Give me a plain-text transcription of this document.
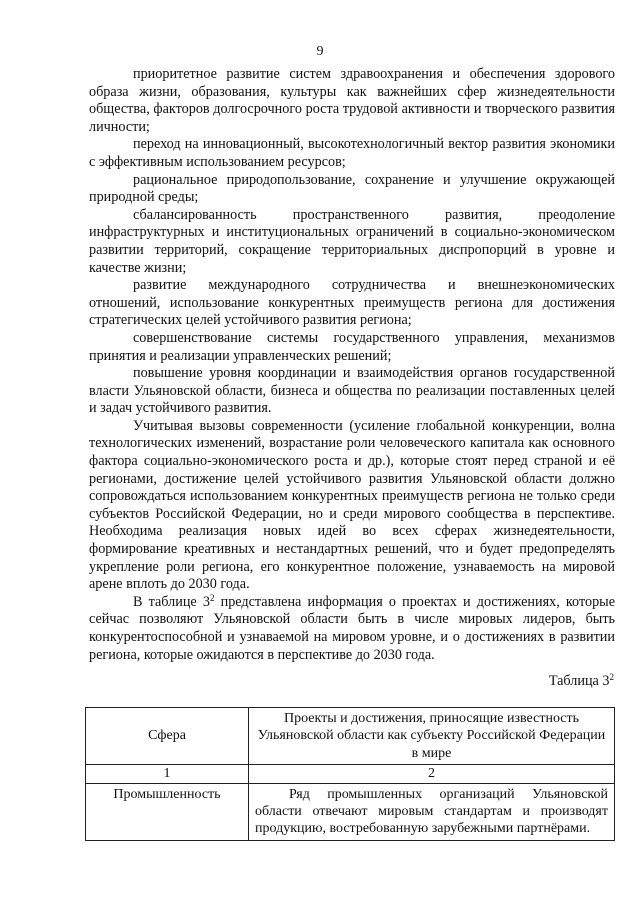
9

приоритетное развитие систем здравоохранения и обеспечения здорового образа жизни, образования, культуры как важнейших сфер жизнедеятельности общества, факторов долгосрочного роста трудовой активности и творческого развития личности;

переход на инновационный, высокотехнологичный вектор развития экономики с эффективным использованием ресурсов;

рациональное природопользование, сохранение и улучшение окружающей природной среды;

сбалансированность пространственного развития, преодоление инфраструктурных и институциональных ограничений в социально-экономическом развитии территорий, сокращение территориальных диспропорций в уровне и качестве жизни;

развитие международного сотрудничества и внешнеэкономических отношений, использование конкурентных преимуществ региона для достижения стратегических целей устойчивого развития региона;

совершенствование системы государственного управления, механизмов принятия и реализации управленческих решений;

повышение уровня координации и взаимодействия органов государственной власти Ульяновской области, бизнеса и общества по реализации поставленных целей и задач устойчивого развития.

Учитывая вызовы современности (усиление глобальной конкуренции, волна технологических изменений, возрастание роли человеческого капитала как основного фактора социально-экономического роста и др.), которые стоят перед страной и её регионами, достижение целей устойчивого развития Ульяновской области должно сопровождаться использованием конкурентных преимуществ региона не только среди субъектов Российской Федерации, но и среди мирового сообщества в перспективе. Необходима реализация новых идей во всех сферах жизнедеятельности, формирование креативных и нестандартных решений, что и будет предопределять укрепление роли региона, его конкурентное положение, узнаваемость на мировой арене вплоть до 2030 года.

В таблице $3^2$ представлена информация о проектах и достижениях, которые сейчас позволяют Ульяновской области быть в числе мировых лидеров, быть конкурентоспособной и узнаваемой на мировом уровне, и о достижениях в развитии региона, которые ожидаются в перспективе до 2030 года.

Таблица $3^2$
Сфера	Проекты и достижения, приносящие известность Ульяновской области как субъекту Российской Федерации в мире
1	2
Промышленность	Ряд промышленных организаций Ульяновской области отвечают мировым стандартам и производят продукцию, востребованную зарубежными партнёрами.
